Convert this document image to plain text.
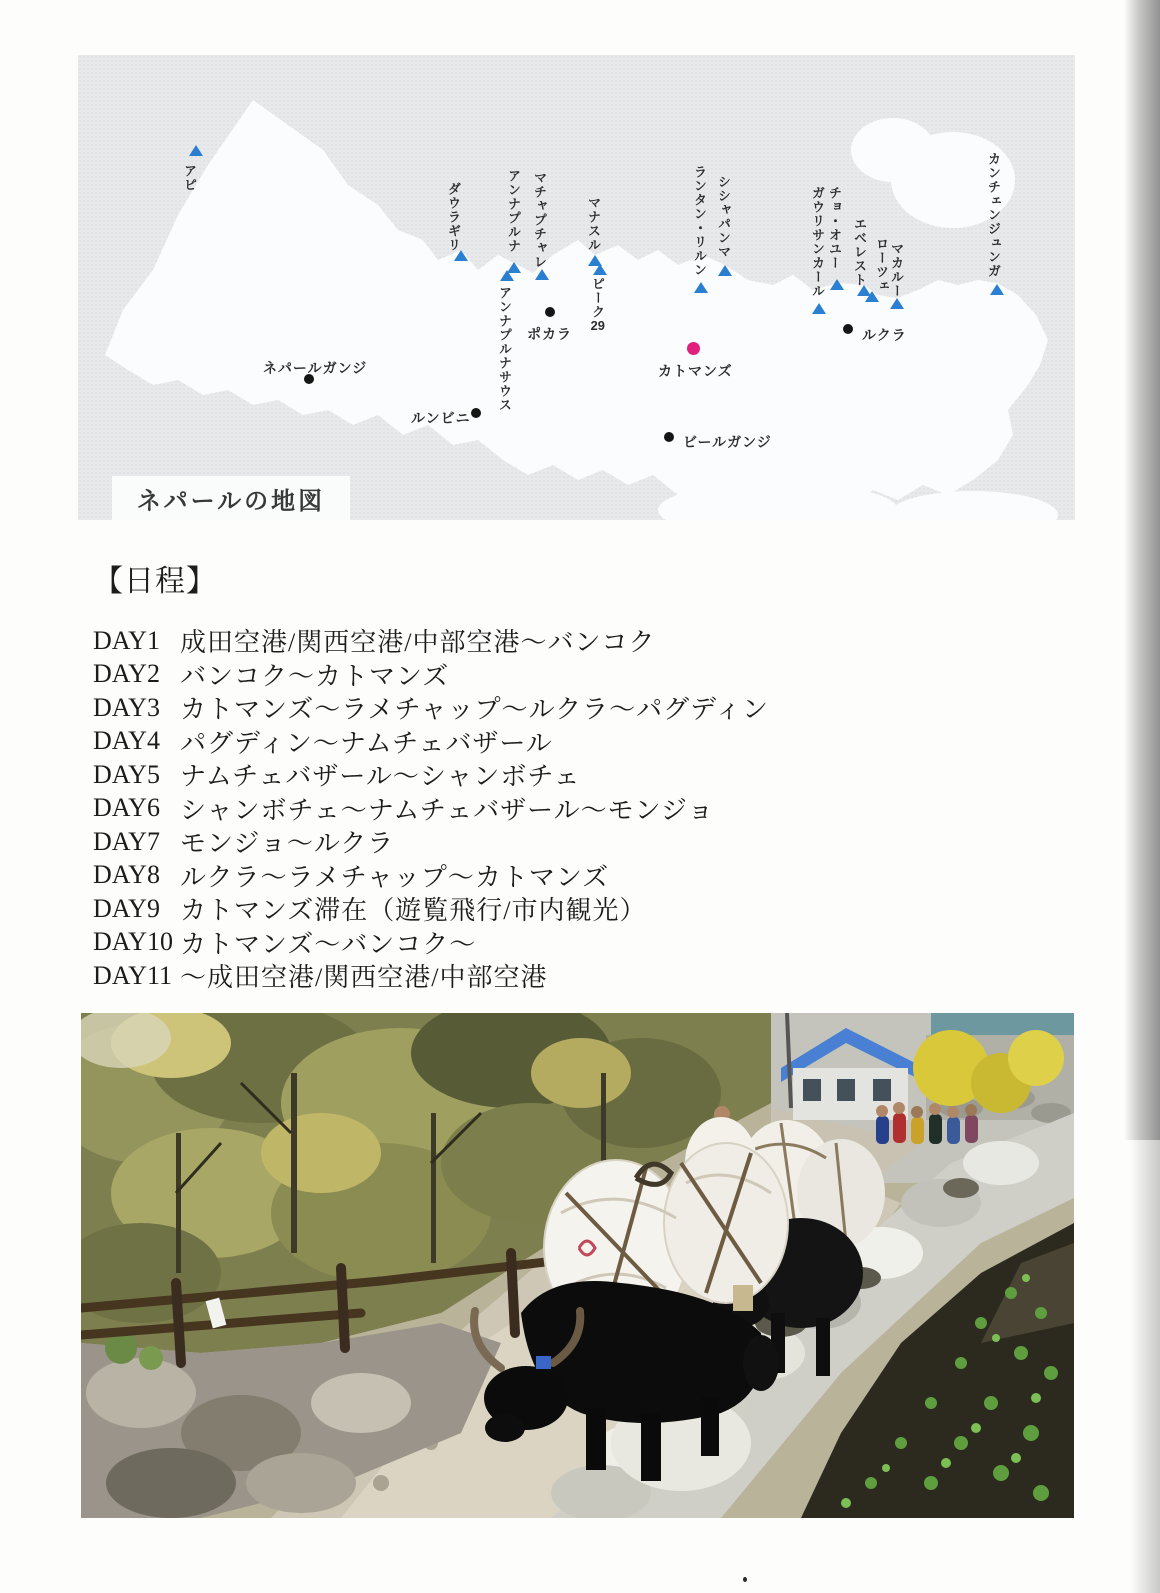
アピ
ダウラギリ	アンナプルナ マチャプチャレ
アンナプルナサウス
マナスル
ピーク29
ランタン・リルン シシャパンマ	ガウリサンカール チョ・オユー エベレスト ローツェ マカルー	カンチェンジュンガ
ポカラ
ネパールガンジ
ルンビニ
ルクラ
ビールガンジ
カトマンズ
ネパールの地図
【日程】
DAY1 成田空港/関西空港/中部空港～バンコク
DAY2 バンコク～カトマンズ
DAY3 カトマンズ～ラメチャップ～ルクラ～パグディン
DAY4 パグディン～ナムチェバザール
DAY5 ナムチェバザール～シャンボチェ
DAY6 シャンボチェ～ナムチェバザール～モンジョ
DAY7 モンジョ～ルクラ
DAY8 ルクラ～ラメチャップ～カトマンズ
DAY9 カトマンズ滞在（遊覧飛行/市内観光）
DAY10 カトマンズ～バンコク～
DAY11 ～成田空港/関西空港/中部空港
